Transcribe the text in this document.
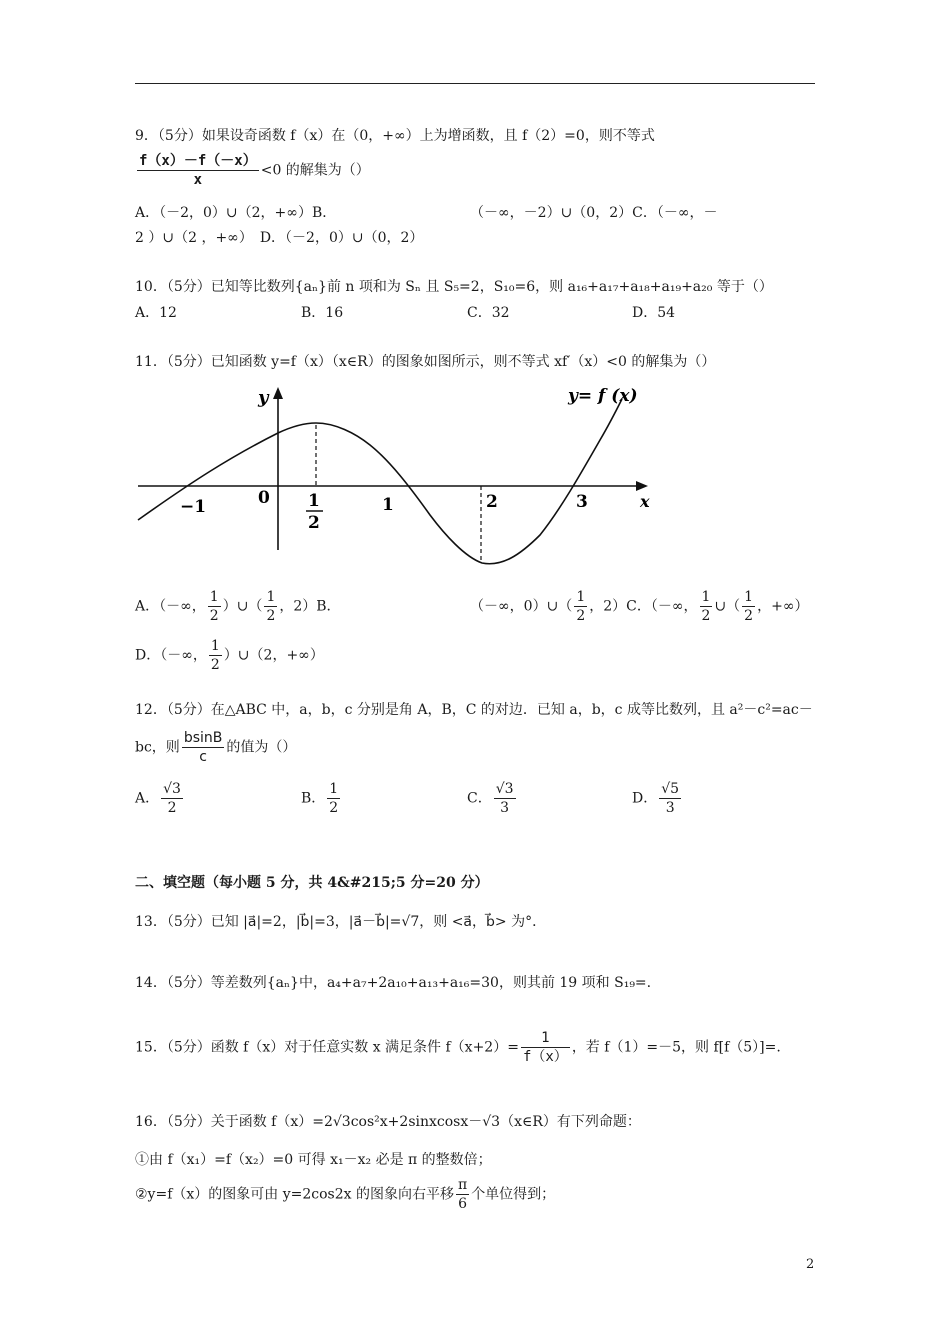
9．（5分）如果设奇函数 f（x）在（0，+∞）上为增函数，且 f（2）=0，则不等式
$\frac{f(x)-f(-x)}{x} <0$ 的解集为（）
A．（－2，0）∪（2，+∞）B．	（－∞，－2）∪（0，2）C．（－∞，－
2 ）∪（2 ，+∞）　D．（－2，0）∪（0，2）
10．（5分）已知等比数列{aₙ}前 n 项和为 Sₙ 且 S₅=2，S₁₀=6，则 a₁₆+a₁₇+a₁₈+a₁₉+a₂₀ 等于（）
A．12	B．16	C．32	D．54
11．（5分）已知函数 y=f（x）（x∈R）的图象如图所示，则不等式 xf′（x）<0 的解集为（）
y
x
y= f (x)
0
−1	1	2	3
1
2
A．（－∞， $\frac{1}{2}$ ）∪（ $\frac{1}{2}$ ，2）B．	（－∞，0）∪（ $\frac{1}{2}$ ，2）C．（－∞， $\frac{1}{2}$ ∪（ $\frac{1}{2}$ ，+∞）
D．（－∞， $\frac{1}{2}$ ）∪（2，+∞）
12．（5分）在△ABC 中，a，b，c 分别是角 A，B，C 的对边．已知 a，b，c 成等比数列，且 a²－c²=ac－
bc，则 $\frac{bsinB}{c}$ 的值为（）
A． $\frac{√3}{2}$	B． $\frac{1}{2}$	C． $\frac{√3}{3}$	D． $\frac{√5}{3}$
二、填空题（每小题 5 分，共 4&#215;5 分=20 分）
13．（5分）已知 |a⃗|=2，|b⃗|=3，|a⃗－b⃗|=√7，则 <a⃗，b⃗> 为°．
14．（5分）等差数列{aₙ}中，a₄+a₇+2a₁₀+a₁₃+a₁₆=30，则其前 19 项和 S₁₉=.
15．（5分）函数 f（x）对于任意实数 x 满足条件 $f(x+2)= \frac{1}{f(x)}$ ，若 f（1）=－5，则 f[f（5）]=.
16．（5分）关于函数 f（x）=2√3cos²x+2sinxcosx－√3（x∈R）有下列命题：
①由 f（x₁）=f（x₂）=0 可得 x₁－x₂ 必是 π 的整数倍；
②y=f（x）的图象可由 y=2cos2x 的图象向右平移 $\frac{\pi}{6}$ 个单位得到；
2
